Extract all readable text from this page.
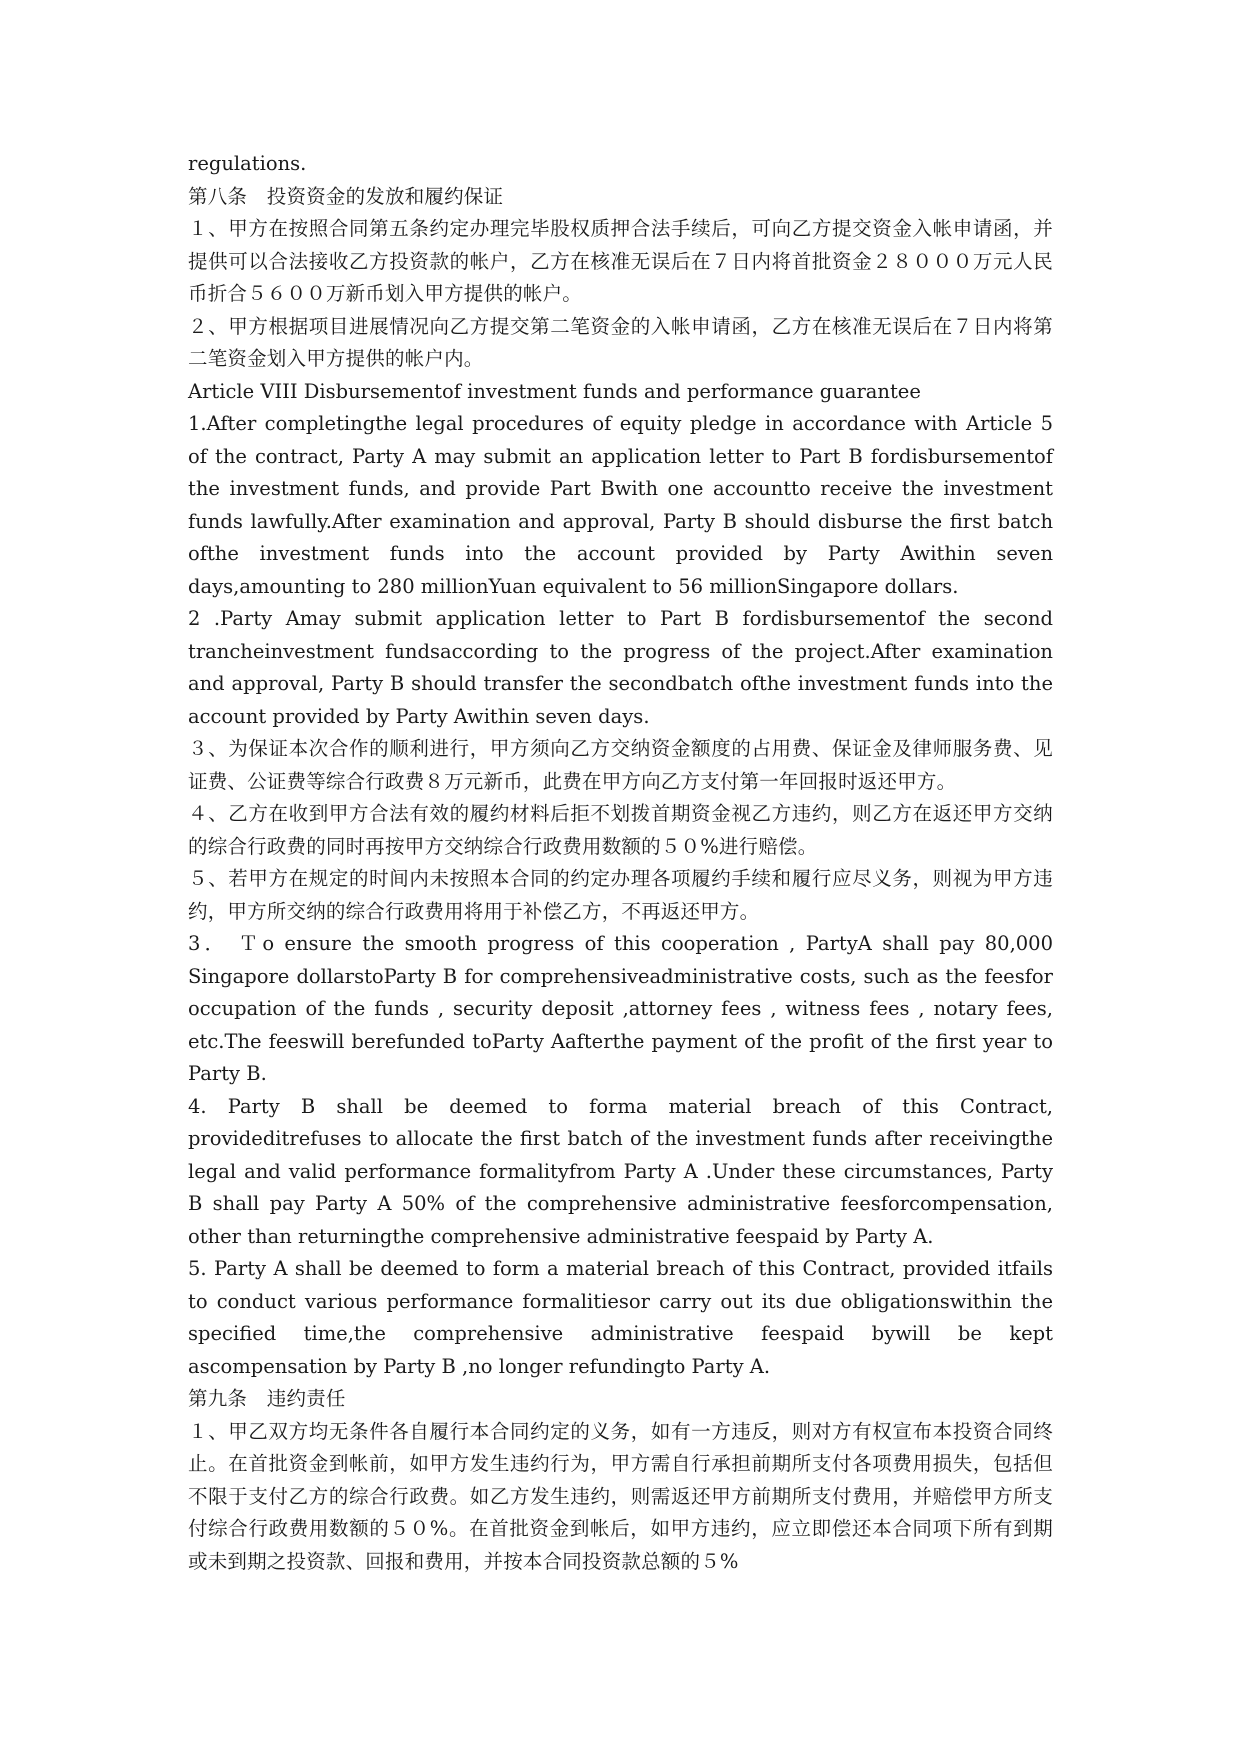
regulations.

第八条　投资资金的发放和履约保证

１、甲方在按照合同第五条约定办理完毕股权质押合法手续后，可向乙方提交资金入帐申请函，并提供可以合法接收乙方投资款的帐户，乙方在核准无误后在７日内将首批资金２８０００万元人民币折合５６００万新币划入甲方提供的帐户。

２、甲方根据项目进展情况向乙方提交第二笔资金的入帐申请函，乙方在核准无误后在７日内将第二笔资金划入甲方提供的帐户内。

Article VIII Disbursementof investment funds and performance guarantee

1.After completingthe legal procedures of equity pledge in accordance with Article 5 of the contract, Party A may submit an application letter to Part B fordisbursementof the investment funds, and provide Part Bwith one accountto receive the investment funds lawfully.After examination and approval, Party B should disburse the first batch ofthe investment funds into the account provided by Party Awithin seven days,amounting to 280 millionYuan equivalent to 56 millionSingapore dollars.

2 .Party Amay submit application letter to Part B fordisbursementof the second trancheinvestment fundsaccording to the progress of the project.After examination and approval, Party B should transfer the secondbatch ofthe investment funds into the account provided by Party Awithin seven days.

３、为保证本次合作的顺利进行，甲方须向乙方交纳资金额度的占用费、保证金及律师服务费、见证费、公证费等综合行政费８万元新币，此费在甲方向乙方支付第一年回报时返还甲方。

４、乙方在收到甲方合法有效的履约材料后拒不划拨首期资金视乙方违约，则乙方在返还甲方交纳的综合行政费的同时再按甲方交纳综合行政费用数额的５０%进行赔偿。

５、若甲方在规定的时间内未按照本合同的约定办理各项履约手续和履行应尽义务，则视为甲方违约，甲方所交纳的综合行政费用将用于补偿乙方，不再返还甲方。

3． Ｔo ensure the smooth progress of this cooperation , PartyA shall pay 80,000 Singapore dollarstoParty B for comprehensiveadministrative costs, such as the feesfor occupation of the funds , security deposit ,attorney fees , witness fees , notary fees, etc.The feeswill berefunded toParty Aafterthe payment of the profit of the first year to Party B.

4. Party B shall be deemed to forma material breach of this Contract, provideditrefuses to allocate the first batch of the investment funds after receivingthe legal and valid performance formalityfrom Party A .Under these circumstances, Party B shall pay Party A 50% of the comprehensive administrative feesforcompensation, other than returningthe comprehensive administrative feespaid by Party A.

5. Party A shall be deemed to form a material breach of this Contract, provided itfails to conduct various performance formalitiesor carry out its due obligationswithin the specified time,the comprehensive administrative feespaid bywill be kept ascompensation by Party B ,no longer refundingto Party A.

第九条　违约责任

１、甲乙双方均无条件各自履行本合同约定的义务，如有一方违反，则对方有权宣布本投资合同终止。在首批资金到帐前，如甲方发生违约行为，甲方需自行承担前期所支付各项费用损失，包括但不限于支付乙方的综合行政费。如乙方发生违约，则需返还甲方前期所支付费用，并赔偿甲方所支付综合行政费用数额的５０%。在首批资金到帐后，如甲方违约，应立即偿还本合同项下所有到期或未到期之投资款、回报和费用，并按本合同投资款总额的５%
